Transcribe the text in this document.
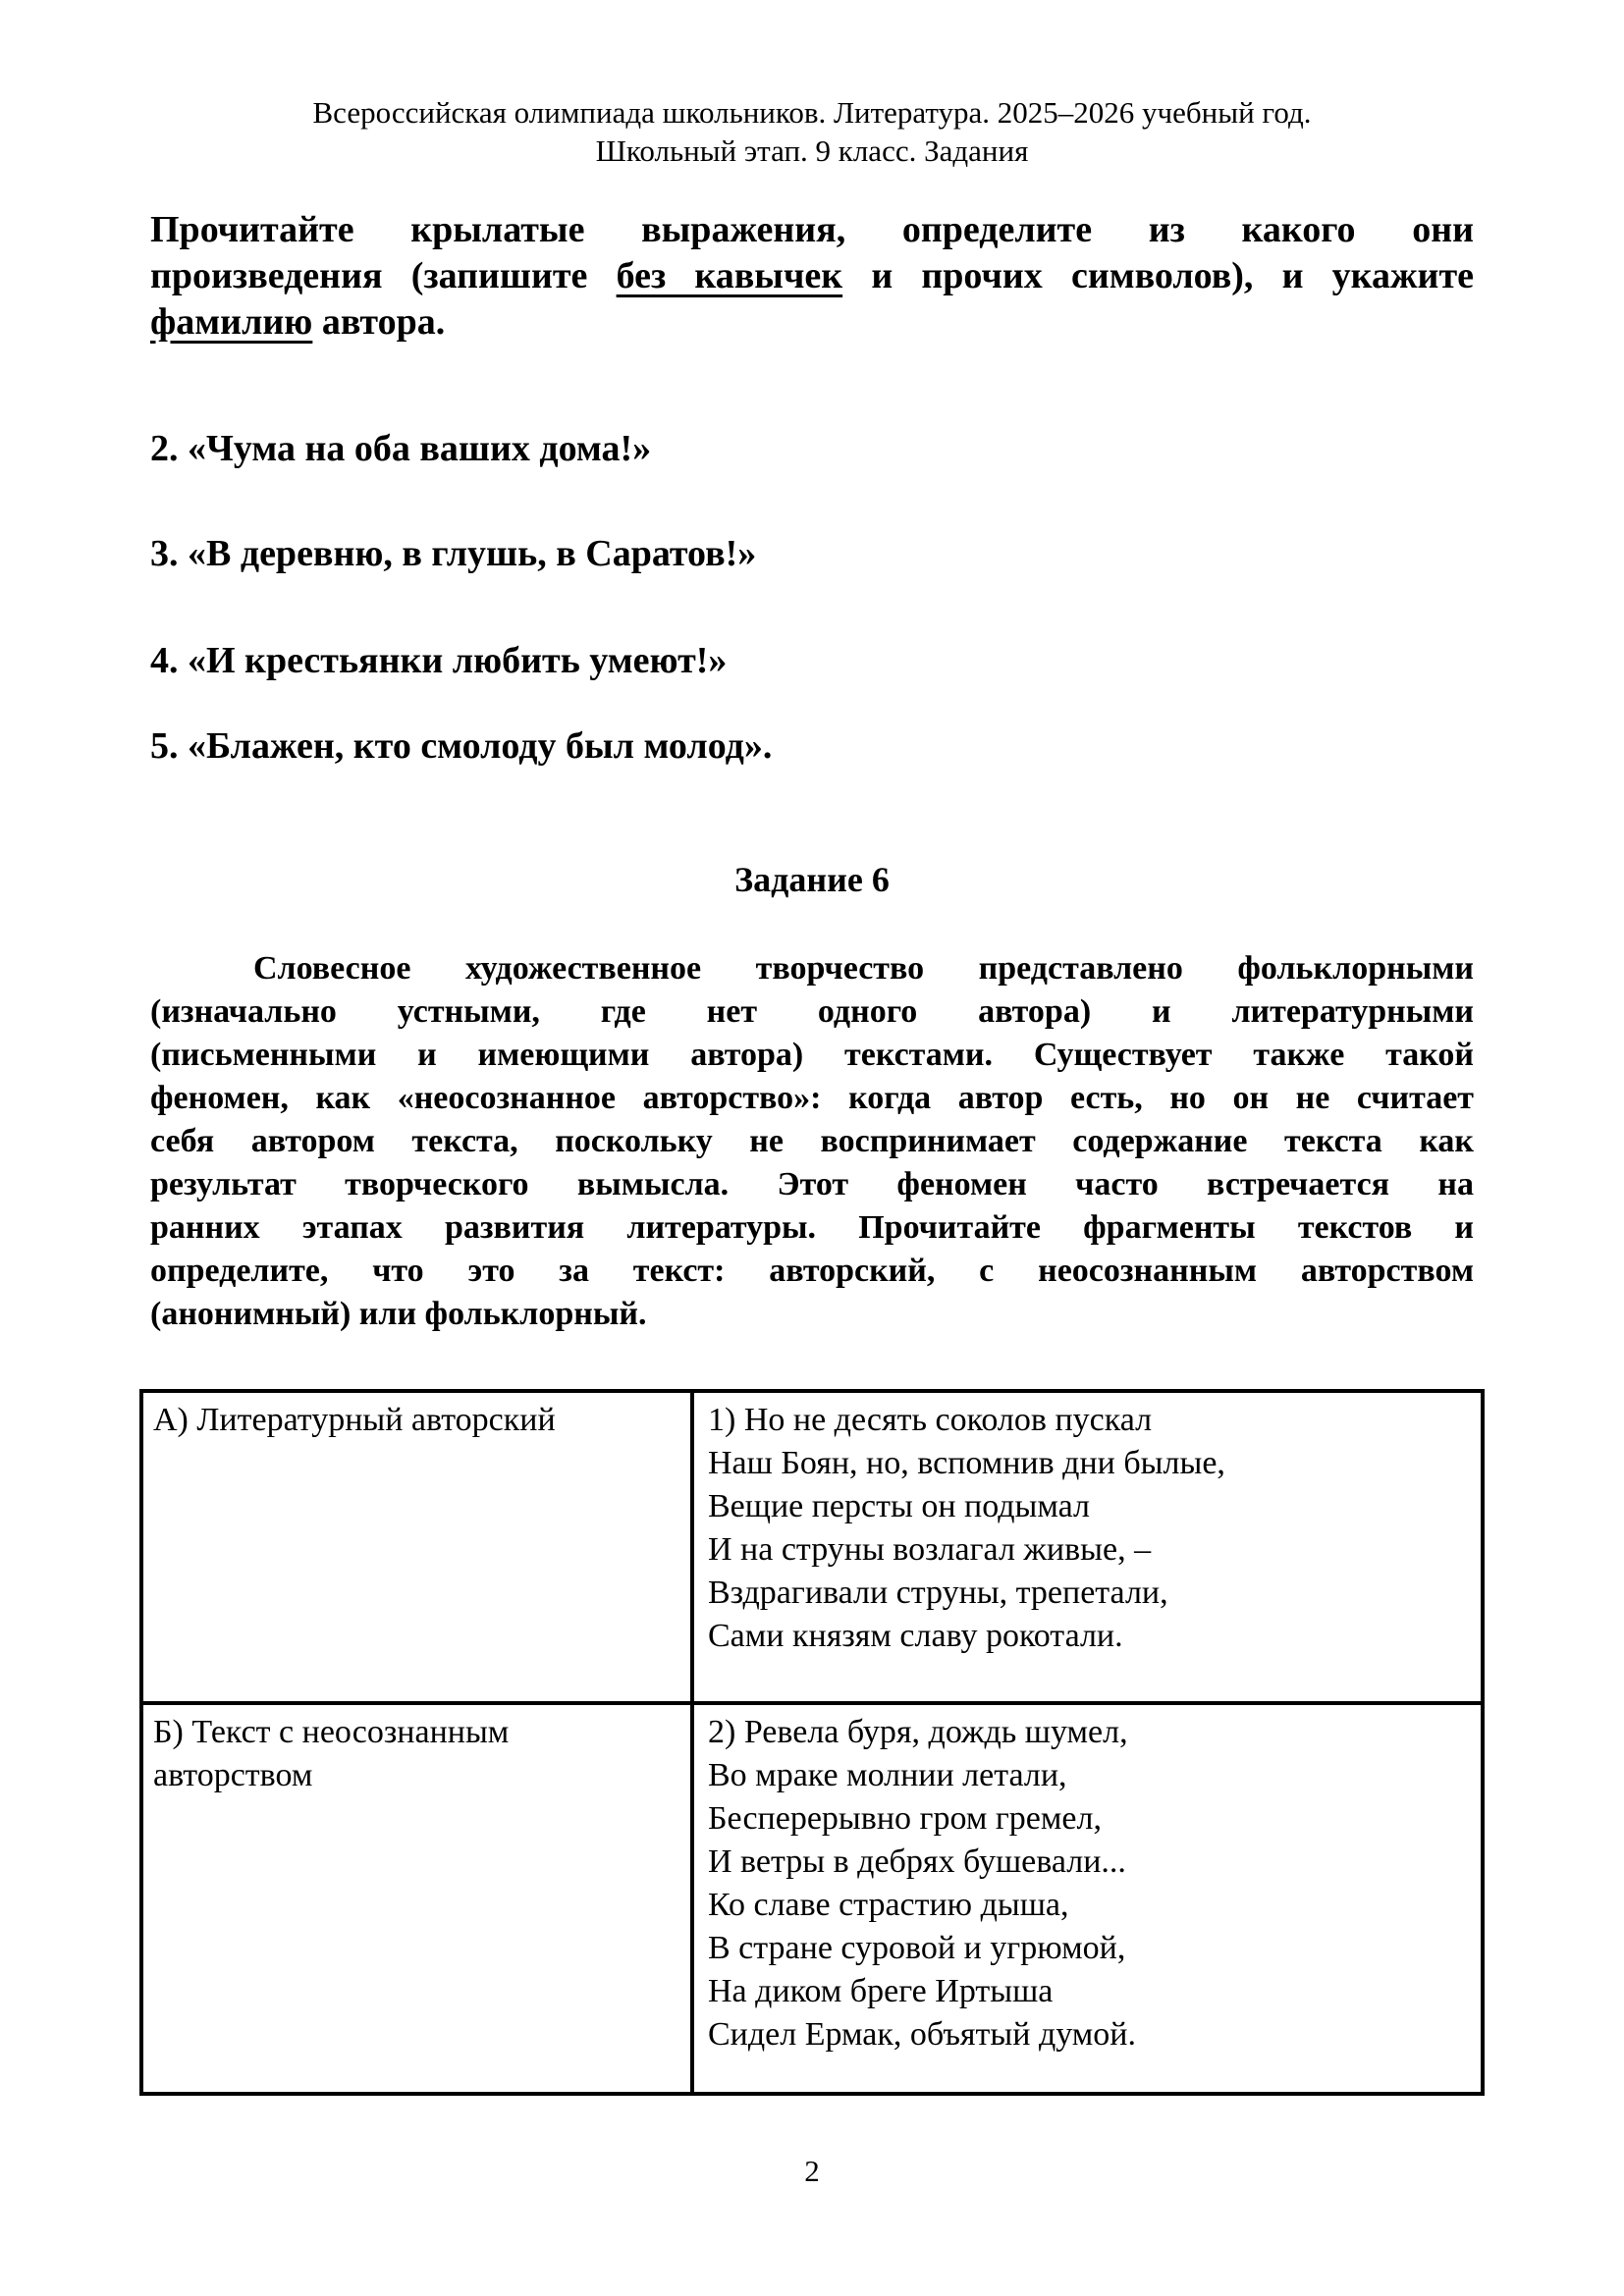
Всероссийская олимпиада школьников. Литература. 2025–2026 учебный год.
Школьный этап. 9 класс. Задания
Прочитайте крылатые выражения, определите из какого они
произведения (запишите без кавычек и прочих символов), и укажите
фамилию автора.
2. «Чума на оба ваших дома!»
3. «В деревню, в глушь, в Саратов!»
4. «И крестьянки любить умеют!»
5. «Блажен, кто смолоду был молод».
Задание 6
Словесное художественное творчество представлено фольклорными
(изначально устными, где нет одного автора) и литературными
(письменными и имеющими автора) текстами. Существует также такой
феномен, как «неосознанное авторство»: когда автор есть, но он не считает
себя автором текста, поскольку не воспринимает содержание текста как
результат творческого вымысла. Этот феномен часто встречается на
ранних этапах развития литературы. Прочитайте фрагменты текстов и
определите, что это за текст: авторский, с неосознанным авторством
(анонимный) или фольклорный.
А) Литературный авторский	1) Но не десять соколов пускал
Наш Боян, но, вспомнив дни былые,
Вещие персты он подымал
И на струны возлагал живые, –
Вздрагивали струны, трепетали,
Сами князям славу рокотали.
Б) Текст с неосознанным
авторством
2) Ревела буря, дождь шумел,
Во мраке молнии летали,
Бесперерывно гром гремел,
И ветры в дебрях бушевали...
Ко славе страстию дыша,
В стране суровой и угрюмой,
На диком бреге Иртыша
Сидел Ермак, объятый думой.
2
